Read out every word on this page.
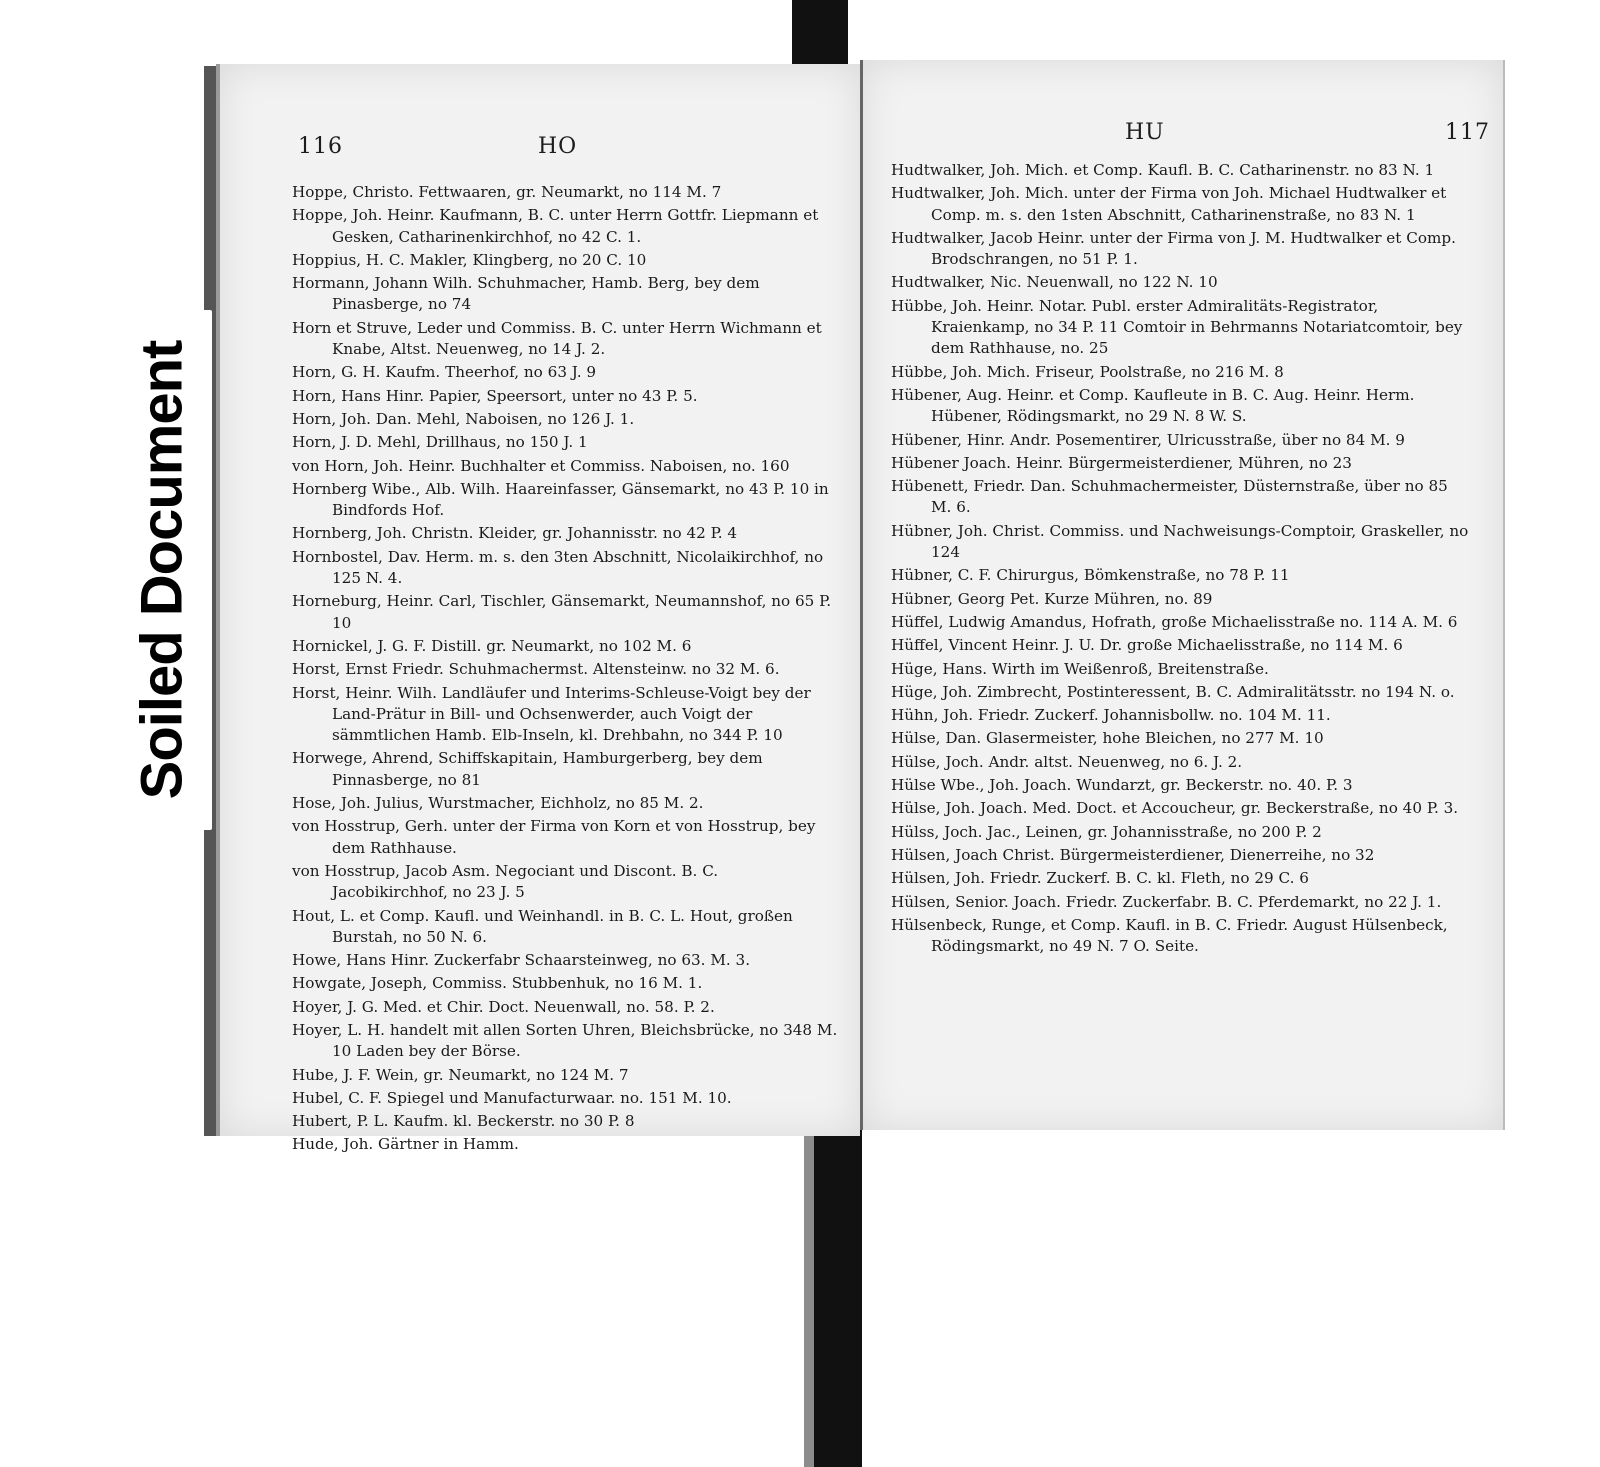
116	HO
Hoppe, Christo. Fettwaaren, gr. Neumarkt, no 114 M. 7
Hoppe, Joh. Heinr. Kaufmann, B. C. unter Herrn Gottfr. Liepmann et Gesken, Catharinenkirchhof, no 42 C. 1.
Hoppius, H. C. Makler, Klingberg, no 20 C. 10
Hormann, Johann Wilh. Schuhmacher, Hamb. Berg, bey dem Pinasberge, no 74
Horn et Struve, Leder und Commiss. B. C. unter Herrn Wichmann et Knabe, Altst. Neuenweg, no 14 J. 2.
Horn, G. H. Kaufm. Theerhof, no 63 J. 9
Horn, Hans Hinr. Papier, Speersort, unter no 43 P. 5.
Horn, Joh. Dan. Mehl, Naboisen, no 126 J. 1.
Horn, J. D. Mehl, Drillhaus, no 150 J. 1
von Horn, Joh. Heinr. Buchhalter et Commiss. Naboisen, no. 160
Hornberg Wibe., Alb. Wilh. Haareinfasser, Gänsemarkt, no 43 P. 10 in Bindfords Hof.
Hornberg, Joh. Christn. Kleider, gr. Johannisstr. no 42 P. 4
Hornbostel, Dav. Herm. m. s. den 3ten Abschnitt, Nicolaikirchhof, no 125 N. 4.
Horneburg, Heinr. Carl, Tischler, Gänsemarkt, Neumannshof, no 65 P. 10
Hornickel, J. G. F. Distill. gr. Neumarkt, no 102 M. 6
Horst, Ernst Friedr. Schuhmachermst. Altensteinw. no 32 M. 6.
Horst, Heinr. Wilh. Landläufer und Interims-Schleuse-Voigt bey der Land-Prätur in Bill- und Ochsenwerder, auch Voigt der sämmtlichen Hamb. Elb-Inseln, kl. Drehbahn, no 344 P. 10
Horwege, Ahrend, Schiffskapitain, Hamburgerberg, bey dem Pinnasberge, no 81
Hose, Joh. Julius, Wurstmacher, Eichholz, no 85 M. 2.
von Hosstrup, Gerh. unter der Firma von Korn et von Hosstrup, bey dem Rathhause.
von Hosstrup, Jacob Asm. Negociant und Discont. B. C. Jacobikirchhof, no 23 J. 5
Hout, L. et Comp. Kaufl. und Weinhandl. in B. C. L. Hout, großen Burstah, no 50 N. 6.
Howe, Hans Hinr. Zuckerfabr Schaarsteinweg, no 63. M. 3.
Howgate, Joseph, Commiss. Stubbenhuk, no 16 M. 1.
Hoyer, J. G. Med. et Chir. Doct. Neuenwall, no. 58. P. 2.
Hoyer, L. H. handelt mit allen Sorten Uhren, Bleichsbrücke, no 348 M. 10 Laden bey der Börse.
Hube, J. F. Wein, gr. Neumarkt, no 124 M. 7
Hubel, C. F. Spiegel und Manufacturwaar. no. 151 M. 10.
Hubert, P. L. Kaufm. kl. Beckerstr. no 30 P. 8
Hude, Joh. Gärtner in Hamm.
HU	117
Hudtwalker, Joh. Mich. et Comp. Kaufl. B. C. Catharinenstr. no 83 N. 1
Hudtwalker, Joh. Mich. unter der Firma von Joh. Michael Hudtwalker et Comp. m. s. den 1sten Abschnitt, Catharinenstraße, no 83 N. 1
Hudtwalker, Jacob Heinr. unter der Firma von J. M. Hudtwalker et Comp. Brodschrangen, no 51 P. 1.
Hudtwalker, Nic. Neuenwall, no 122 N. 10
Hübbe, Joh. Heinr. Notar. Publ. erster Admiralitäts-Registrator, Kraienkamp, no 34 P. 11 Comtoir in Behrmanns Notariatcomtoir, bey dem Rathhause, no. 25
Hübbe, Joh. Mich. Friseur, Poolstraße, no 216 M. 8
Hübener, Aug. Heinr. et Comp. Kaufleute in B. C. Aug. Heinr. Herm. Hübener, Rödingsmarkt, no 29 N. 8 W. S.
Hübener, Hinr. Andr. Posementirer, Ulricusstraße, über no 84 M. 9
Hübener Joach. Heinr. Bürgermeisterdiener, Mühren, no 23
Hübenett, Friedr. Dan. Schuhmachermeister, Düsternstraße, über no 85 M. 6.
Hübner, Joh. Christ. Commiss. und Nachweisungs-Comptoir, Graskeller, no 124
Hübner, C. F. Chirurgus, Bömkenstraße, no 78 P. 11
Hübner, Georg Pet. Kurze Mühren, no. 89
Hüffel, Ludwig Amandus, Hofrath, große Michaelisstraße no. 114 A. M. 6
Hüffel, Vincent Heinr. J. U. Dr. große Michaelisstraße, no 114 M. 6
Hüge, Hans. Wirth im Weißenroß, Breitenstraße.
Hüge, Joh. Zimbrecht, Postinteressent, B. C. Admiralitätsstr. no 194 N. o.
Hühn, Joh. Friedr. Zuckerf. Johannisbollw. no. 104 M. 11.
Hülse, Dan. Glasermeister, hohe Bleichen, no 277 M. 10
Hülse, Joch. Andr. altst. Neuenweg, no 6. J. 2.
Hülse Wbe., Joh. Joach. Wundarzt, gr. Beckerstr. no. 40. P. 3
Hülse, Joh. Joach. Med. Doct. et Accoucheur, gr. Beckerstraße, no 40 P. 3.
Hülss, Joch. Jac., Leinen, gr. Johannisstraße, no 200 P. 2
Hülsen, Joach Christ. Bürgermeisterdiener, Dienerreihe, no 32
Hülsen, Joh. Friedr. Zuckerf. B. C. kl. Fleth, no 29 C. 6
Hülsen, Senior. Joach. Friedr. Zuckerfabr. B. C. Pferdemarkt, no 22 J. 1.
Hülsenbeck, Runge, et Comp. Kaufl. in B. C. Friedr. August Hülsenbeck, Rödingsmarkt, no 49 N. 7 O. Seite.
Soiled Document
